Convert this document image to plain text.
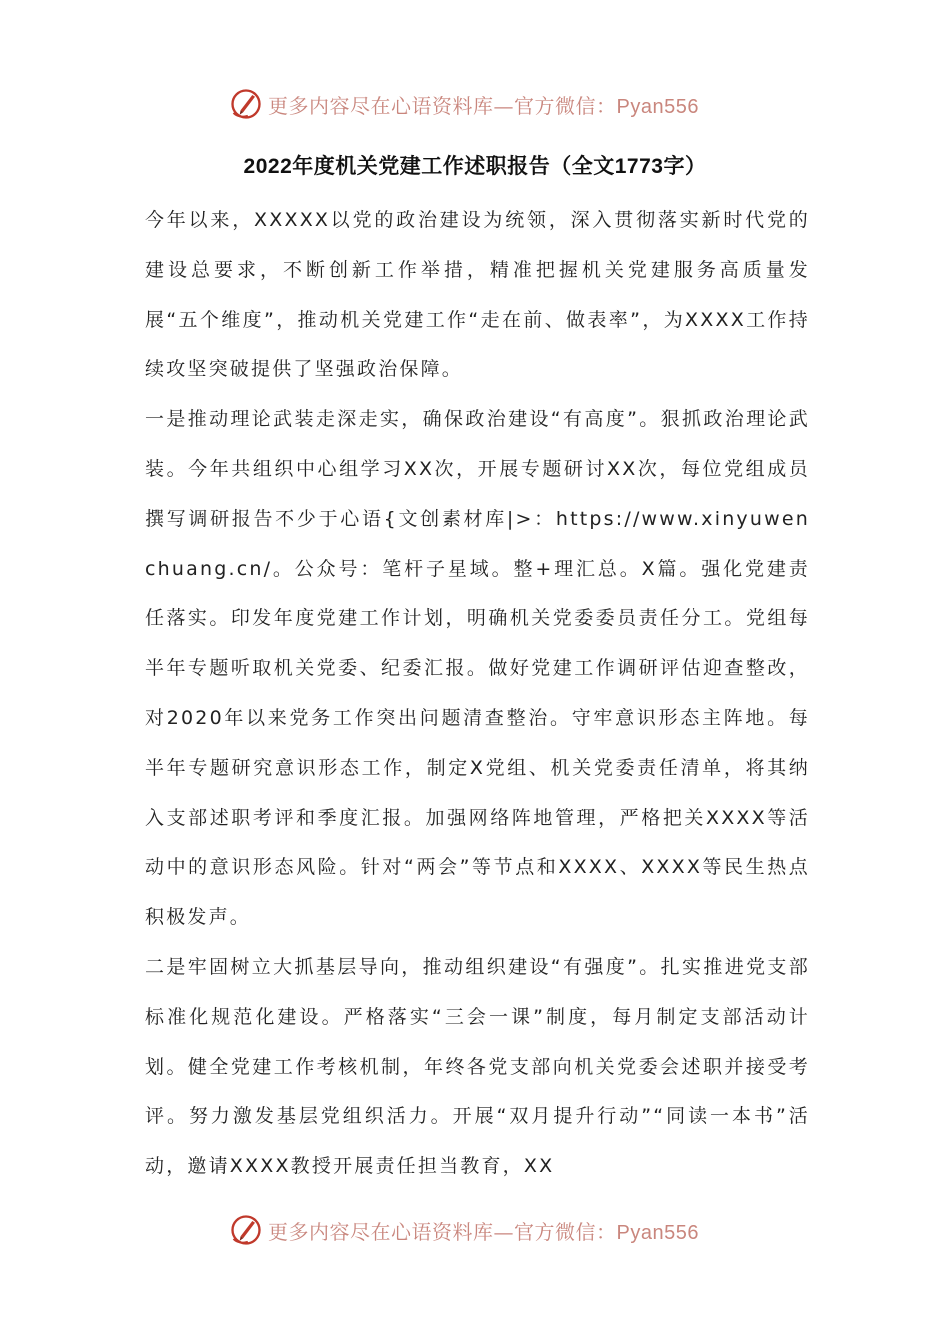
更多内容尽在心语资料库—官方微信：Pyan556
2022年度机关党建工作述职报告（全文1773字）

今年以来，XXXXX以党的政治建设为统领，深入贯彻落实新时代党的建设总要求，不断创新工作举措，精准把握机关党建服务高质量发展“五个维度”，推动机关党建工作“走在前、做表率”，为XXXX工作持续攻坚突破提供了坚强政治保障。

一是推动理论武装走深走实，确保政治建设“有高度”。狠抓政治理论武装。今年共组织中心组学习XX次，开展专题研讨XX次，每位党组成员撰写调研报告不少于心语{文创素材库|>：https://www.xinyuwenchuang.cn/。公众号：笔杆子星域。整+理汇总。X篇。强化党建责任落实。印发年度党建工作计划，明确机关党委委员责任分工。党组每半年专题听取机关党委、纪委汇报。做好党建工作调研评估迎查整改，对2020年以来党务工作突出问题清查整治。守牢意识形态主阵地。每半年专题研究意识形态工作，制定X党组、机关党委责任清单，将其纳入支部述职考评和季度汇报。加强网络阵地管理，严格把关XXXX等活动中的意识形态风险。针对“两会”等节点和XXXX、XXXX等民生热点积极发声。

二是牢固树立大抓基层导向，推动组织建设“有强度”。扎实推进党支部标准化规范化建设。严格落实“三会一课”制度，每月制定支部活动计划。健全党建工作考核机制，年终各党支部向机关党委会述职并接受考评。努力激发基层党组织活力。开展“双月提升行动”“同读一本书”活动，邀请XXXX教授开展责任担当教育，XX

更多内容尽在心语资料库—官方微信：Pyan556
